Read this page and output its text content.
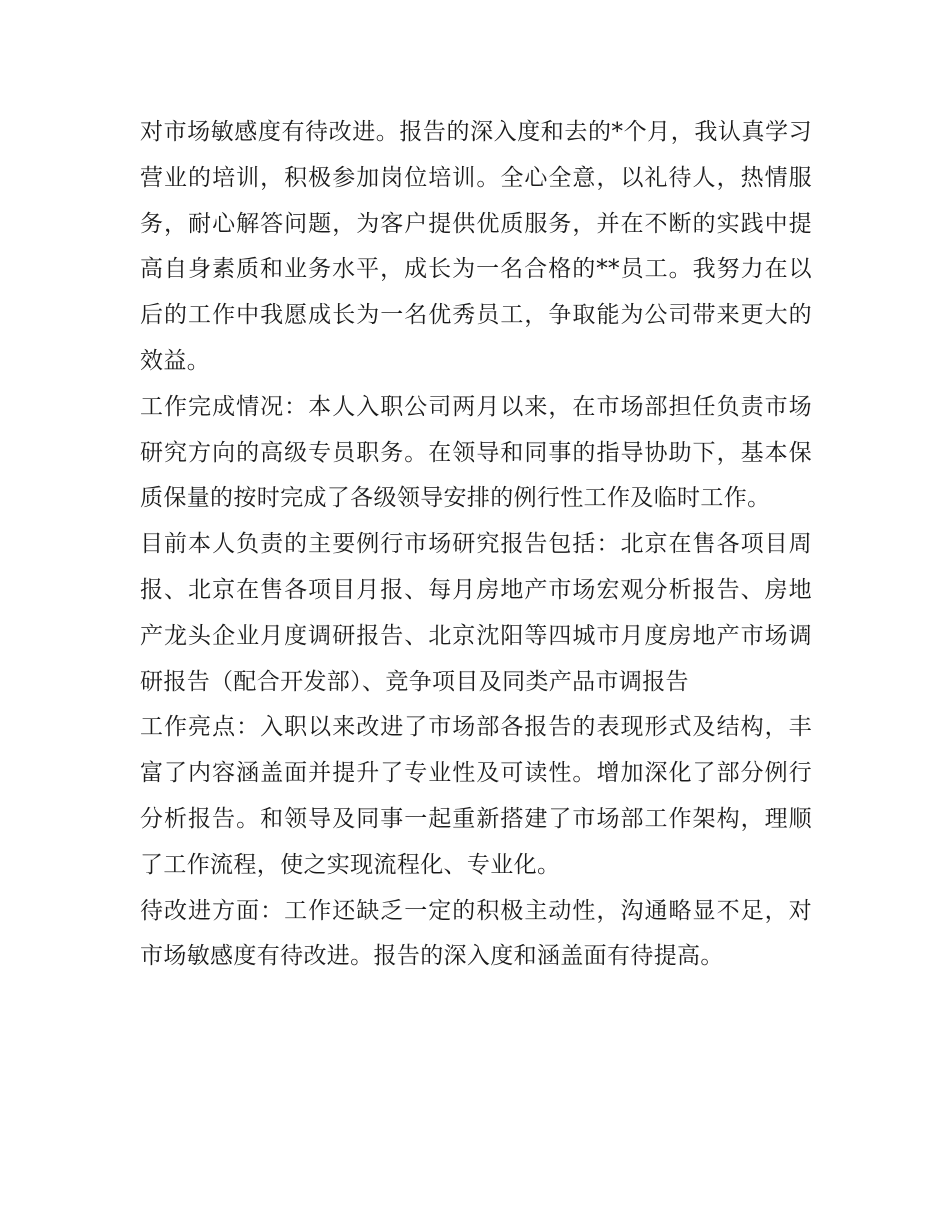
对市场敏感度有待改进。报告的深入度和去的*个月，我认真学习营业的培训，积极参加岗位培训。全心全意，以礼待人，热情服务，耐心解答问题，为客户提供优质服务，并在不断的实践中提高自身素质和业务水平，成长为一名合格的**员工。我努力在以后的工作中我愿成长为一名优秀员工，争取能为公司带来更大的效益。

工作完成情况：本人入职公司两月以来，在市场部担任负责市场研究方向的高级专员职务。在领导和同事的指导协助下，基本保质保量的按时完成了各级领导安排的例行性工作及临时工作。

目前本人负责的主要例行市场研究报告包括：北京在售各项目周报、北京在售各项目月报、每月房地产市场宏观分析报告、房地产龙头企业月度调研报告、北京沈阳等四城市月度房地产市场调研报告（配合开发部）、竞争项目及同类产品市调报告

工作亮点：入职以来改进了市场部各报告的表现形式及结构，丰富了内容涵盖面并提升了专业性及可读性。增加深化了部分例行分析报告。和领导及同事一起重新搭建了市场部工作架构，理顺了工作流程，使之实现流程化、专业化。

待改进方面：工作还缺乏一定的积极主动性，沟通略显不足，对市场敏感度有待改进。报告的深入度和涵盖面有待提高。
